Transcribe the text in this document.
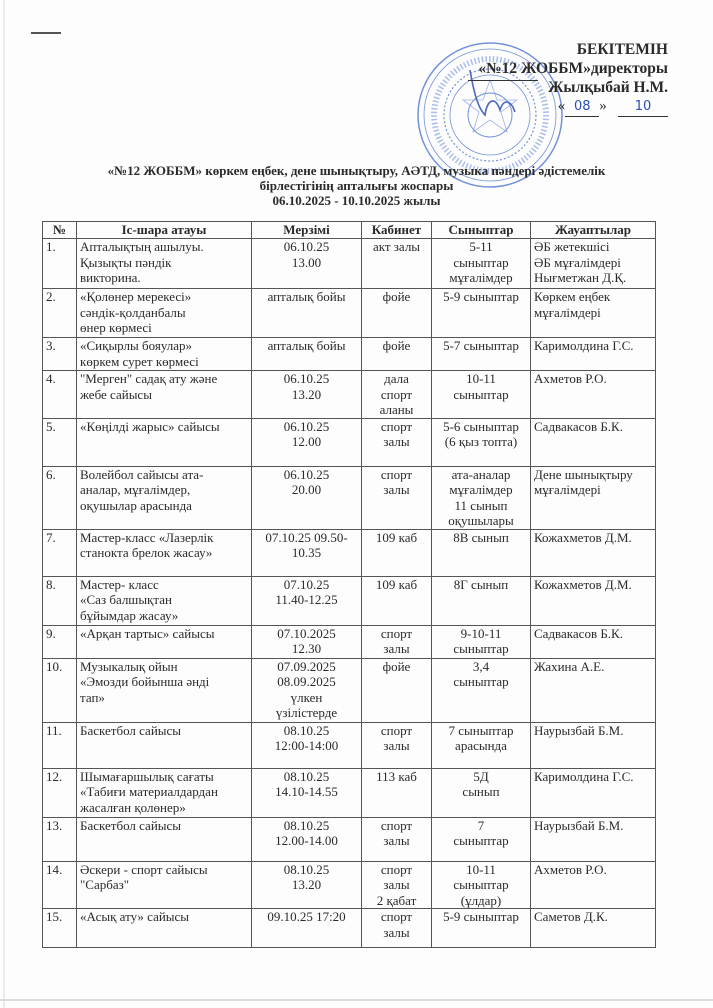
БЕКІТЕМІН
«№12 ЖОББМ»директоры
Жылқыбай Н.М.
« 08 » 10
«№12 ЖОББМ» көркем еңбек, дене шынықтыру, АӘТД, музыка пәндері әдістемелік
бірлестігінің апталығы жоспары
06.10.2025 - 10.10.2025 жылы
№	Іс-шара атауы	Мерзімі	Кабинет	Сыныптар	Жауаптылар
1.	Апталықтың ашылуы.
Қызықты пәндік
викторина.	06.10.25
13.00	акт залы	5-11
сыныптар
мұғалімдер	ӘБ жетекшісі
ӘБ мұғалімдері
Нығметжан Д.Қ.
2.	«Қолөнер мерекесі»
сәндік-қолданбалы
өнер көрмесі	апталық бойы	фойе	5-9 сыныптар	Көркем еңбек
мұғалімдері
3.	«Сиқырлы бояулар»
көркем сурет көрмесі	апталық бойы	фойе	5-7 сыныптар	Каримолдина Г.С.
4.	"Мерген" садақ ату және
жебе сайысы	06.10.25
13.20	дала
спорт
аланы	10-11
сыныптар	Ахметов Р.О.
5.	«Көңілді жарыс» сайысы	06.10.25
12.00	спорт
залы	5-6 сыныптар
(6 қыз топта)	Садвакасов Б.К.
6.	Волейбол сайысы ата-
аналар, мұғалімдер,
оқушылар арасында	06.10.25
20.00	спорт
залы	ата-аналар
мұғалімдер
11 сынып
оқушылары	Дене шынықтыру
мұғалімдері
7.	Мастер-класс «Лазерлік
станокта брелок жасау»	07.10.25 09.50-
10.35	109 каб	8В сынып	Кожахметов Д.М.
8.	Мастер- класс
«Саз балшықтан
бұйымдар жасау»	07.10.25
11.40-12.25	109 каб	8Г сынып	Кожахметов Д.М.
9.	«Арқан тартыс» сайысы	07.10.2025
12.30	спорт
залы	9-10-11
сыныптар	Садвакасов Б.К.
10.	Музыкалық ойын
«Эмозди бойынша әнді
тап»	07.09.2025
08.09.2025
үлкен
үзілістерде	фойе	3,4
сыныптар	Жахина А.Е.
11.	Баскетбол сайысы	08.10.25
12:00-14:00	спорт
залы	7 сыныптар
арасында	Наурызбай Б.М.
12.	Шымағаршылық сағаты
«Табиғи материалдардан
жасалған қолөнер»	08.10.25
14.10-14.55	113 каб	5Д
сынып	Каримолдина Г.С.
13.	Баскетбол сайысы	08.10.25
12.00-14.00	спорт
залы	7
сыныптар	Наурызбай Б.М.
14.	Әскери - спорт сайысы
"Сарбаз"	08.10.25
13.20	спорт
залы
2 қабат	10-11
сыныптар
(ұлдар)	Ахметов Р.О.
15.	«Асық ату» сайысы	09.10.25 17:20	спорт
залы	5-9 сыныптар	Саметов Д.К.
